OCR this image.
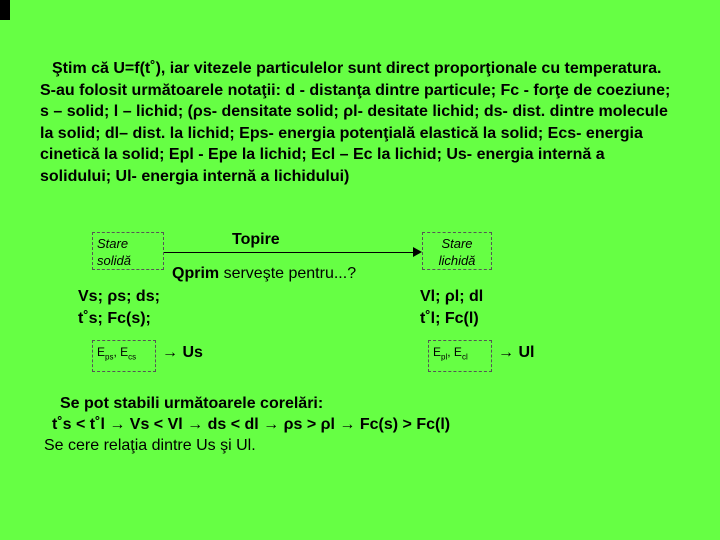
Ştim că U=f(t˚), iar vitezele particulelor sunt direct proporţionale cu temperatura. S-au folosit următoarele notaţii: d - distanţa dintre particule; Fc - forţe de coeziune; s – solid; l – lichid; (ρs- densitate solid; ρl- desitate lichid; ds- dist. dintre molecule la solid; dl– dist. la lichid; Eps- energia potenţială elastică la solid; Ecs- energia cinetică la solid; Epl - Epe la lichid; Ecl – Ec la lichid; Us- energia internă a solidului; Ul- energia internă a lichidului)
Stare
solidă
Stare
lichidă
Topire
Qprim serveşte pentru...?
Vs; ρs; ds;
t˚s; Fc(s);
Vl; ρl; dl
t˚l; Fc(l)
$E_{ps}$, $E_{cs}$	→ Us	$E_{pl}$, $E_{cl}$	→ Ul
Se pot stabili următoarele corelări:
t˚s < t˚l → Vs < Vl → ds < dl → ρs > ρl → Fc(s) > Fc(l)
Se cere relaţia dintre Us şi Ul.
